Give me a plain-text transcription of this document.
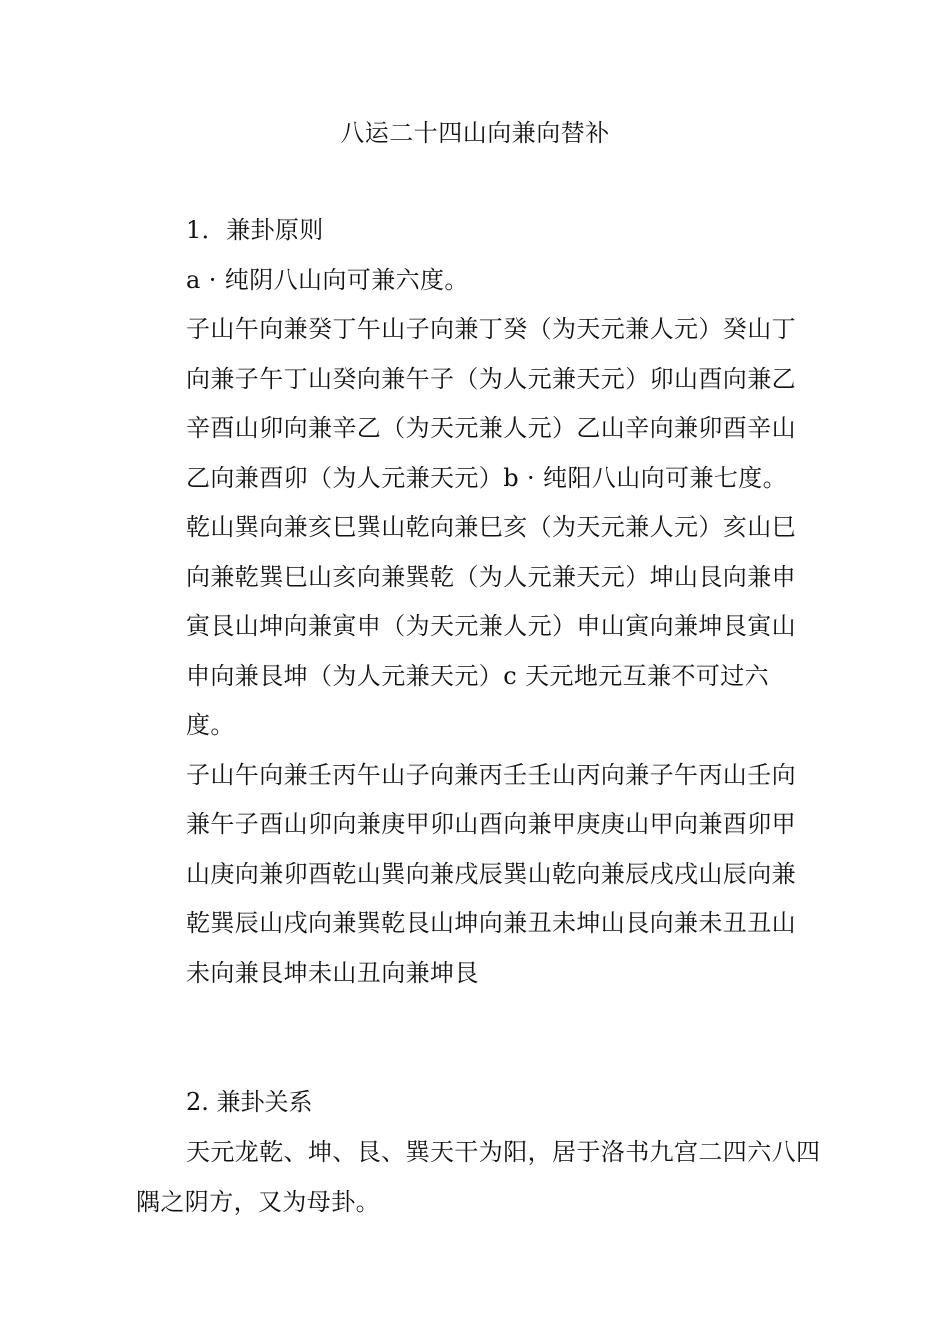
八运二十四山向兼向替补

1．兼卦原则

a · 纯阴八山向可兼六度。

子山午向兼癸丁午山子向兼丁癸（为天元兼人元）癸山丁向兼子午丁山癸向兼午子（为人元兼天元）卯山酉向兼乙辛酉山卯向兼辛乙（为天元兼人元）乙山辛向兼卯酉辛山乙向兼酉卯（为人元兼天元）b · 纯阳八山向可兼七度。

乾山巽向兼亥巳巽山乾向兼巳亥（为天元兼人元）亥山巳向兼乾巽巳山亥向兼巽乾（为人元兼天元）坤山艮向兼申寅艮山坤向兼寅申（为天元兼人元）申山寅向兼坤艮寅山申向兼艮坤（为人元兼天元）c 天元地元互兼不可过六度。

子山午向兼壬丙午山子向兼丙壬壬山丙向兼子午丙山壬向兼午子酉山卯向兼庚甲卯山酉向兼甲庚庚山甲向兼酉卯甲山庚向兼卯酉乾山巽向兼戌辰巽山乾向兼辰戌戌山辰向兼乾巽辰山戌向兼巽乾艮山坤向兼丑未坤山艮向兼未丑丑山未向兼艮坤未山丑向兼坤艮

2. 兼卦关系

天元龙乾、坤、艮、巽天干为阳，居于洛书九宫二四六八四隅之阴方，又为母卦。
